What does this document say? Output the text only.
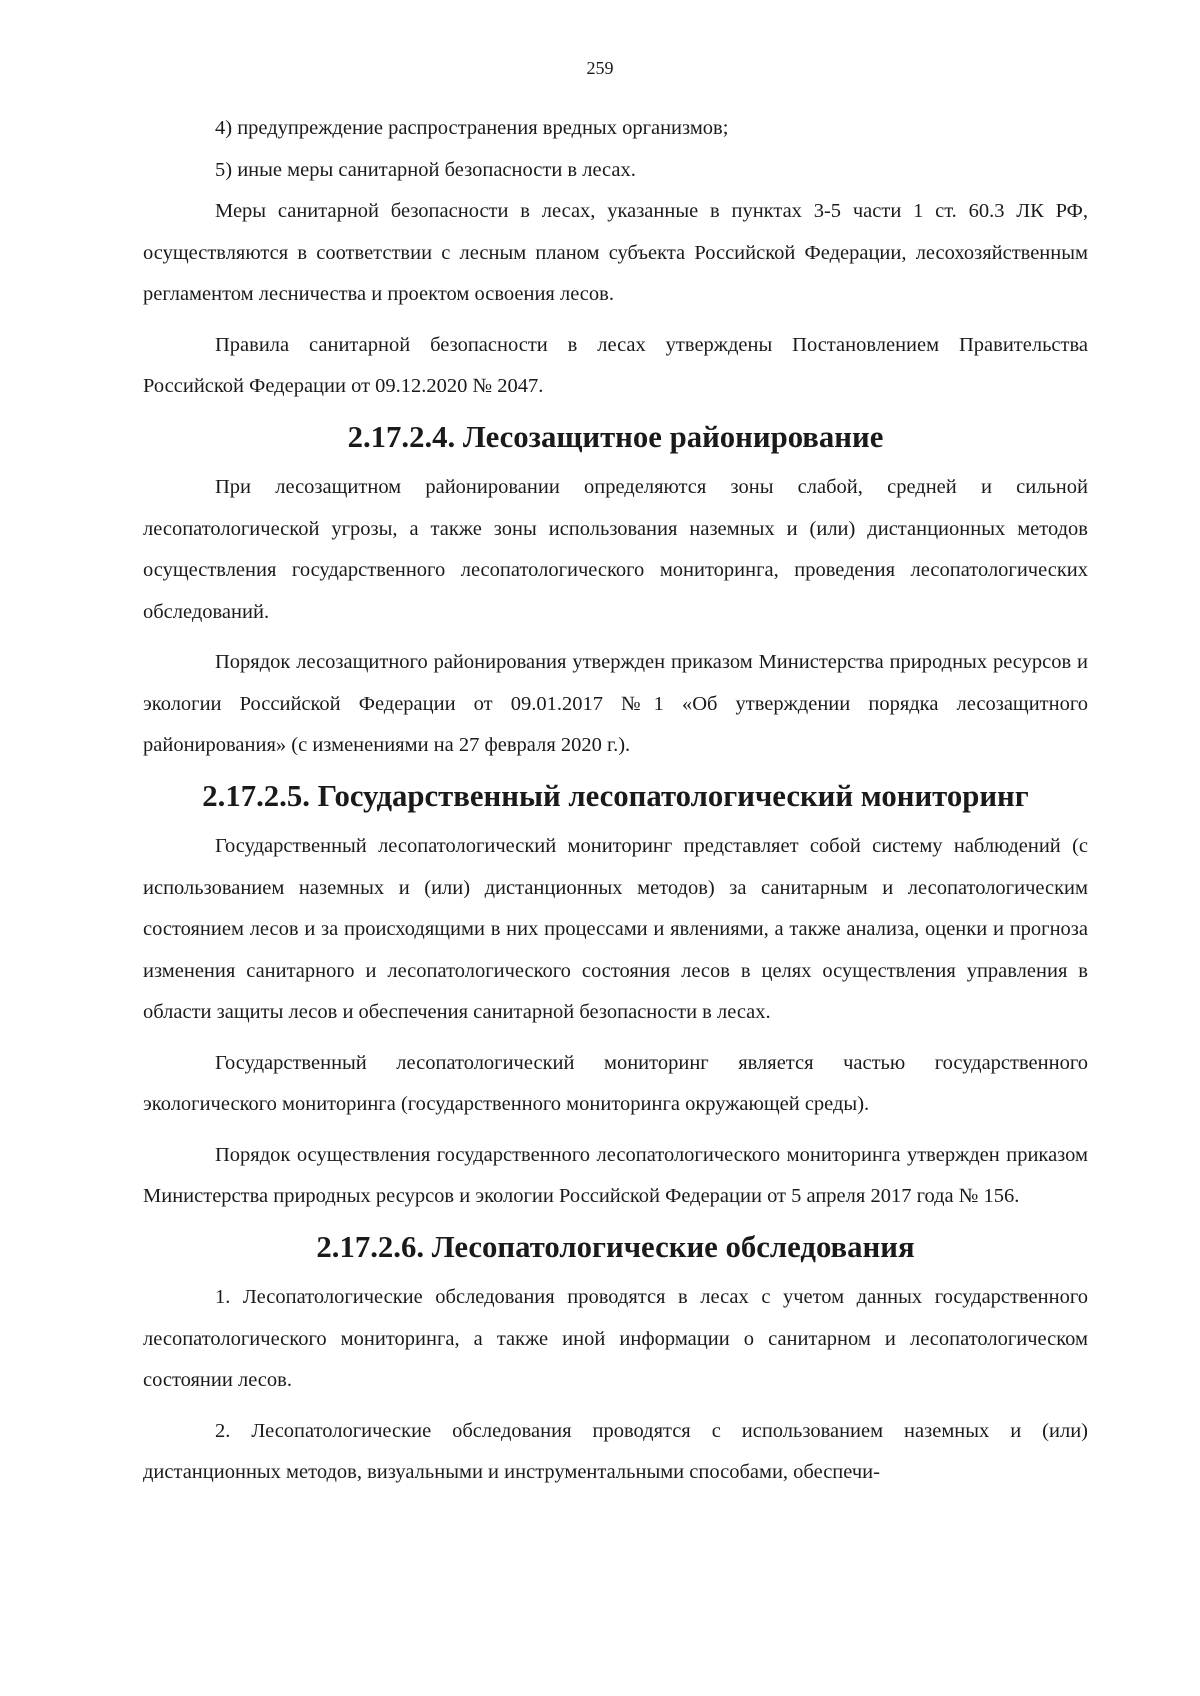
259

4) предупреждение распространения вредных организмов;

5) иные меры санитарной безопасности в лесах.

Меры санитарной безопасности в лесах, указанные в пунктах 3-5 части 1 ст. 60.3 ЛК РФ, осуществляются в соответствии с лесным планом субъекта Российской Федерации, лесохозяйственным регламентом лесничества и проектом освоения лесов.

Правила санитарной безопасности в лесах утверждены Постановлением Правительства Российской Федерации от 09.12.2020 № 2047.

2.17.2.4. Лесозащитное районирование

При лесозащитном районировании определяются зоны слабой, средней и сильной лесопатологической угрозы, а также зоны использования наземных и (или) дистанционных методов осуществления государственного лесопатологического мониторинга, проведения лесопатологических обследований.

Порядок лесозащитного районирования утвержден приказом Министерства природных ресурсов и экологии Российской Федерации от 09.01.2017 №1 «Об утверждении порядка лесозащитного районирования» (с изменениями на 27 февраля 2020 г.).

2.17.2.5. Государственный лесопатологический мониторинг

Государственный лесопатологический мониторинг представляет собой систему наблюдений (с использованием наземных и (или) дистанционных методов) за санитарным и лесопатологическим состоянием лесов и за происходящими в них процессами и явлениями, а также анализа, оценки и прогноза изменения санитарного и лесопатологического состояния лесов в целях осуществления управления в области защиты лесов и обеспечения санитарной безопасности в лесах.

Государственный лесопатологический мониторинг является частью государственного экологического мониторинга (государственного мониторинга окружающей среды).

Порядок осуществления государственного лесопатологического мониторинга утвержден приказом Министерства природных ресурсов и экологии Российской Федерации от 5 апреля 2017 года № 156.

2.17.2.6. Лесопатологические обследования

1. Лесопатологические обследования проводятся в лесах с учетом данных государственного лесопатологического мониторинга, а также иной информации о санитарном и лесопатологическом состоянии лесов.

2. Лесопатологические обследования проводятся с использованием наземных и (или) дистанционных методов, визуальными и инструментальными способами, обеспечи-
